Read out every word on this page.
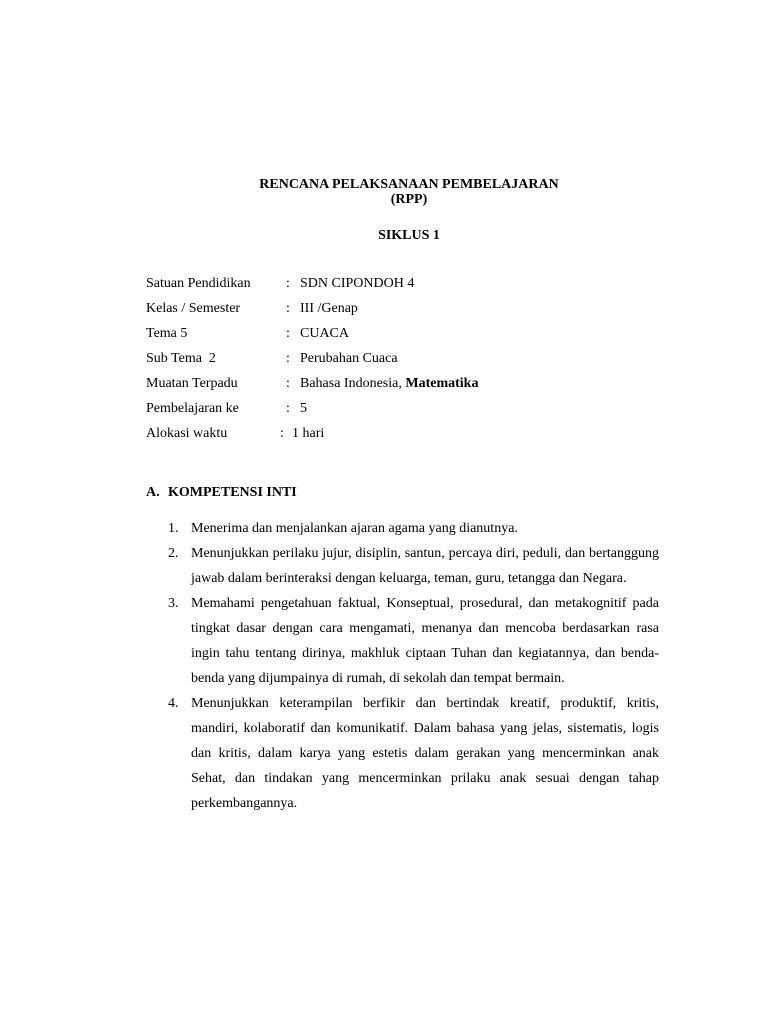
RENCANA PELAKSANAAN PEMBELAJARAN
(RPP)
SIKLUS 1
Satuan Pendidikan	: SDN CIPONDOH 4
Kelas / Semester	: III /Genap
Tema 5	: CUACA
Sub Tema  2	: Perubahan Cuaca
Muatan Terpadu	: Bahasa Indonesia, Matematika
Pembelajaran ke	: 5
Alokasi waktu	: 1 hari
A. KOMPETENSI INTI
1. Menerima dan menjalankan ajaran agama yang dianutnya.
2. Menunjukkan perilaku jujur, disiplin, santun, percaya diri, peduli, dan bertanggung jawab dalam berinteraksi dengan keluarga, teman, guru, tetangga dan Negara.
3. Memahami pengetahuan faktual, Konseptual, prosedural, dan metakognitif pada tingkat dasar dengan cara mengamati, menanya dan mencoba berdasarkan rasa ingin tahu tentang dirinya, makhluk ciptaan Tuhan dan kegiatannya, dan benda-benda yang dijumpainya di rumah, di sekolah dan tempat bermain.
4. Menunjukkan keterampilan berfikir dan bertindak kreatif, produktif, kritis, mandiri, kolaboratif dan komunikatif. Dalam bahasa yang jelas, sistematis, logis dan kritis, dalam karya yang estetis dalam gerakan yang mencerminkan anak Sehat, dan tindakan yang mencerminkan prilaku anak sesuai dengan tahap perkembangannya.
